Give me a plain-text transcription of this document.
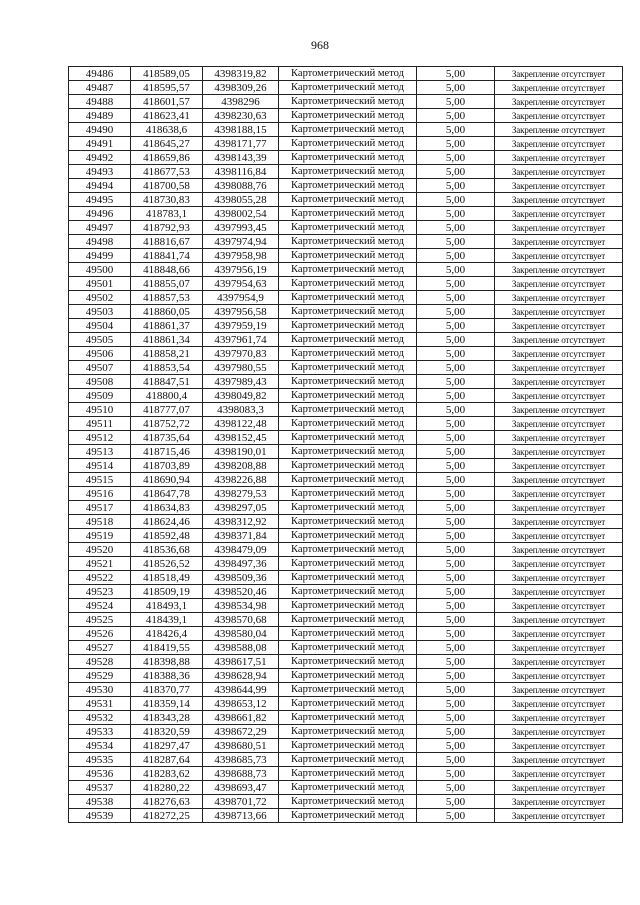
968
49486	418589,05	4398319,82	Картометрический метод	5,00	Закрепление отсутствует
49487	418595,57	4398309,26	Картометрический метод	5,00	Закрепление отсутствует
49488	418601,57	4398296	Картометрический метод	5,00	Закрепление отсутствует
49489	418623,41	4398230,63	Картометрический метод	5,00	Закрепление отсутствует
49490	418638,6	4398188,15	Картометрический метод	5,00	Закрепление отсутствует
49491	418645,27	4398171,77	Картометрический метод	5,00	Закрепление отсутствует
49492	418659,86	4398143,39	Картометрический метод	5,00	Закрепление отсутствует
49493	418677,53	4398116,84	Картометрический метод	5,00	Закрепление отсутствует
49494	418700,58	4398088,76	Картометрический метод	5,00	Закрепление отсутствует
49495	418730,83	4398055,28	Картометрический метод	5,00	Закрепление отсутствует
49496	418783,1	4398002,54	Картометрический метод	5,00	Закрепление отсутствует
49497	418792,93	4397993,45	Картометрический метод	5,00	Закрепление отсутствует
49498	418816,67	4397974,94	Картометрический метод	5,00	Закрепление отсутствует
49499	418841,74	4397958,98	Картометрический метод	5,00	Закрепление отсутствует
49500	418848,66	4397956,19	Картометрический метод	5,00	Закрепление отсутствует
49501	418855,07	4397954,63	Картометрический метод	5,00	Закрепление отсутствует
49502	418857,53	4397954,9	Картометрический метод	5,00	Закрепление отсутствует
49503	418860,05	4397956,58	Картометрический метод	5,00	Закрепление отсутствует
49504	418861,37	4397959,19	Картометрический метод	5,00	Закрепление отсутствует
49505	418861,34	4397961,74	Картометрический метод	5,00	Закрепление отсутствует
49506	418858,21	4397970,83	Картометрический метод	5,00	Закрепление отсутствует
49507	418853,54	4397980,55	Картометрический метод	5,00	Закрепление отсутствует
49508	418847,51	4397989,43	Картометрический метод	5,00	Закрепление отсутствует
49509	418800,4	4398049,82	Картометрический метод	5,00	Закрепление отсутствует
49510	418777,07	4398083,3	Картометрический метод	5,00	Закрепление отсутствует
49511	418752,72	4398122,48	Картометрический метод	5,00	Закрепление отсутствует
49512	418735,64	4398152,45	Картометрический метод	5,00	Закрепление отсутствует
49513	418715,46	4398190,01	Картометрический метод	5,00	Закрепление отсутствует
49514	418703,89	4398208,88	Картометрический метод	5,00	Закрепление отсутствует
49515	418690,94	4398226,88	Картометрический метод	5,00	Закрепление отсутствует
49516	418647,78	4398279,53	Картометрический метод	5,00	Закрепление отсутствует
49517	418634,83	4398297,05	Картометрический метод	5,00	Закрепление отсутствует
49518	418624,46	4398312,92	Картометрический метод	5,00	Закрепление отсутствует
49519	418592,48	4398371,84	Картометрический метод	5,00	Закрепление отсутствует
49520	418536,68	4398479,09	Картометрический метод	5,00	Закрепление отсутствует
49521	418526,52	4398497,36	Картометрический метод	5,00	Закрепление отсутствует
49522	418518,49	4398509,36	Картометрический метод	5,00	Закрепление отсутствует
49523	418509,19	4398520,46	Картометрический метод	5,00	Закрепление отсутствует
49524	418493,1	4398534,98	Картометрический метод	5,00	Закрепление отсутствует
49525	418439,1	4398570,68	Картометрический метод	5,00	Закрепление отсутствует
49526	418426,4	4398580,04	Картометрический метод	5,00	Закрепление отсутствует
49527	418419,55	4398588,08	Картометрический метод	5,00	Закрепление отсутствует
49528	418398,88	4398617,51	Картометрический метод	5,00	Закрепление отсутствует
49529	418388,36	4398628,94	Картометрический метод	5,00	Закрепление отсутствует
49530	418370,77	4398644,99	Картометрический метод	5,00	Закрепление отсутствует
49531	418359,14	4398653,12	Картометрический метод	5,00	Закрепление отсутствует
49532	418343,28	4398661,82	Картометрический метод	5,00	Закрепление отсутствует
49533	418320,59	4398672,29	Картометрический метод	5,00	Закрепление отсутствует
49534	418297,47	4398680,51	Картометрический метод	5,00	Закрепление отсутствует
49535	418287,64	4398685,73	Картометрический метод	5,00	Закрепление отсутствует
49536	418283,62	4398688,73	Картометрический метод	5,00	Закрепление отсутствует
49537	418280,22	4398693,47	Картометрический метод	5,00	Закрепление отсутствует
49538	418276,63	4398701,72	Картометрический метод	5,00	Закрепление отсутствует
49539	418272,25	4398713,66	Картометрический метод	5,00	Закрепление отсутствует
